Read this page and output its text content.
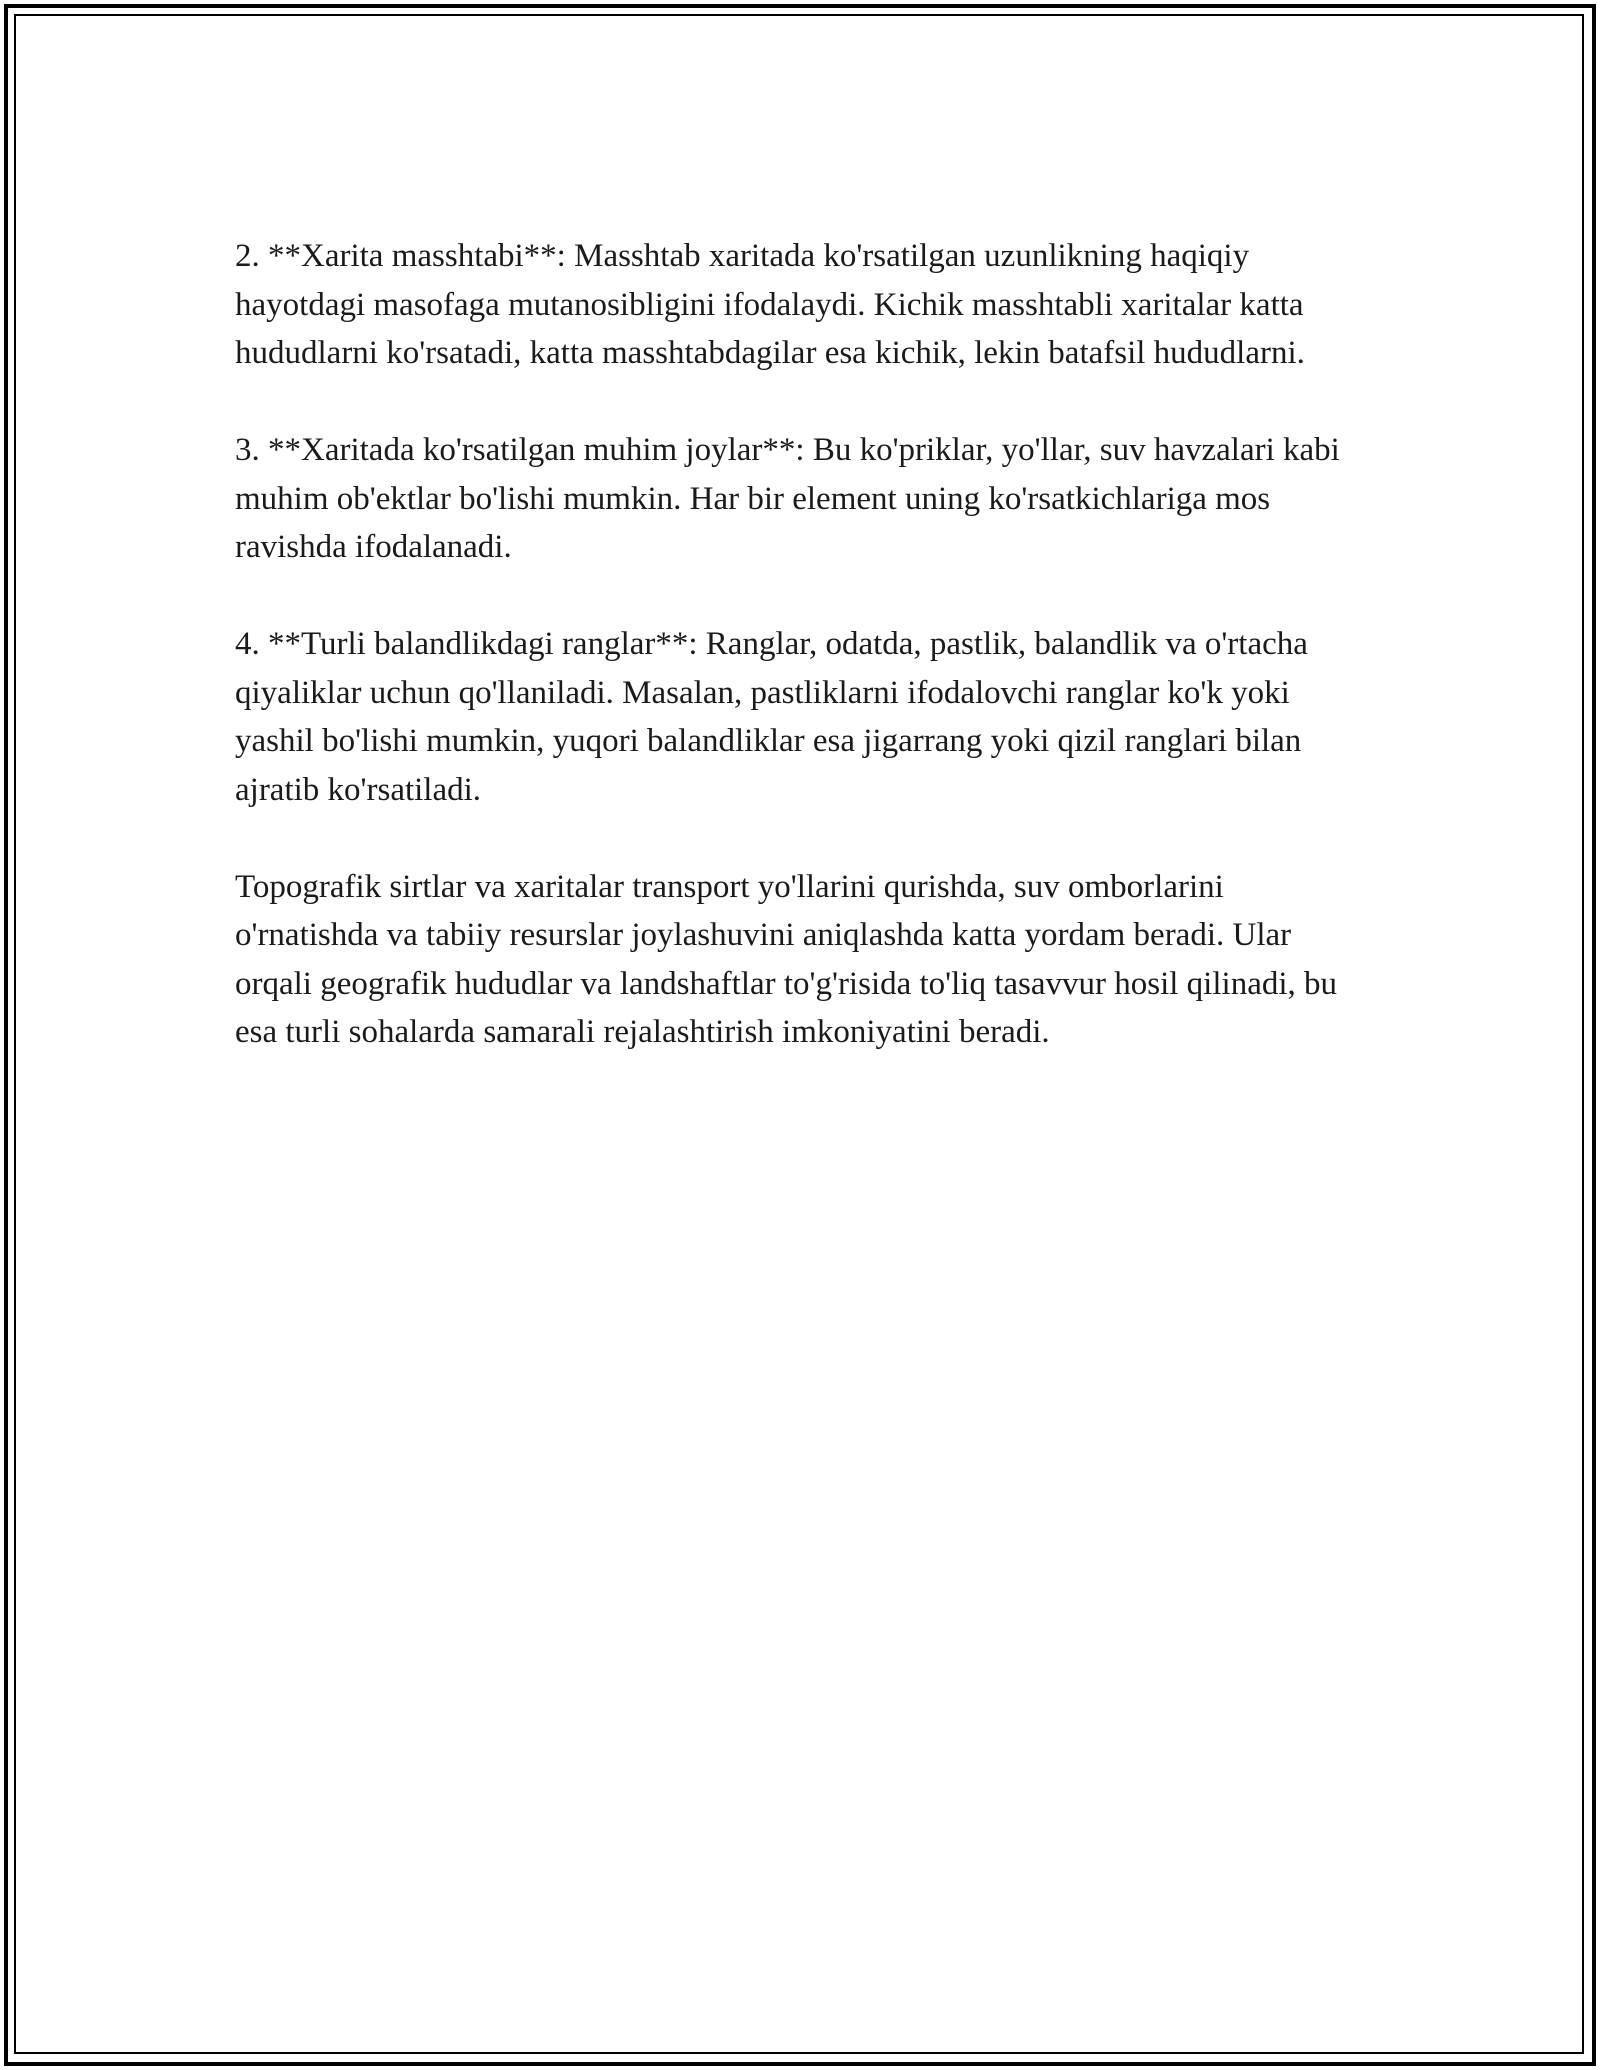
2. **Xarita masshtabi**: Masshtab xaritada ko'rsatilgan uzunlikning haqiqiy hayotdagi masofaga mutanosibligini ifodalaydi. Kichik masshtabli xaritalar katta hududlarni ko'rsatadi, katta masshtabdagilar esa kichik, lekin batafsil hududlarni.

3. **Xaritada ko'rsatilgan muhim joylar**: Bu ko'priklar, yo'llar, suv havzalari kabi muhim ob'ektlar bo'lishi mumkin. Har bir element uning ko'rsatkichlariga mos ravishda ifodalanadi.

4. **Turli balandlikdagi ranglar**: Ranglar, odatda, pastlik, balandlik va o'rtacha qiyaliklar uchun qo'llaniladi. Masalan, pastliklarni ifodalovchi ranglar ko'k yoki yashil bo'lishi mumkin, yuqori balandliklar esa jigarrang yoki qizil ranglari bilan ajratib ko'rsatiladi.

Topografik sirtlar va xaritalar transport yo'llarini qurishda, suv omborlarini o'rnatishda va tabiiy resurslar joylashuvini aniqlashda katta yordam beradi. Ular orqali geografik hududlar va landshaftlar to'g'risida to'liq tasavvur hosil qilinadi, bu esa turli sohalarda samarali rejalashtirish imkoniyatini beradi.
